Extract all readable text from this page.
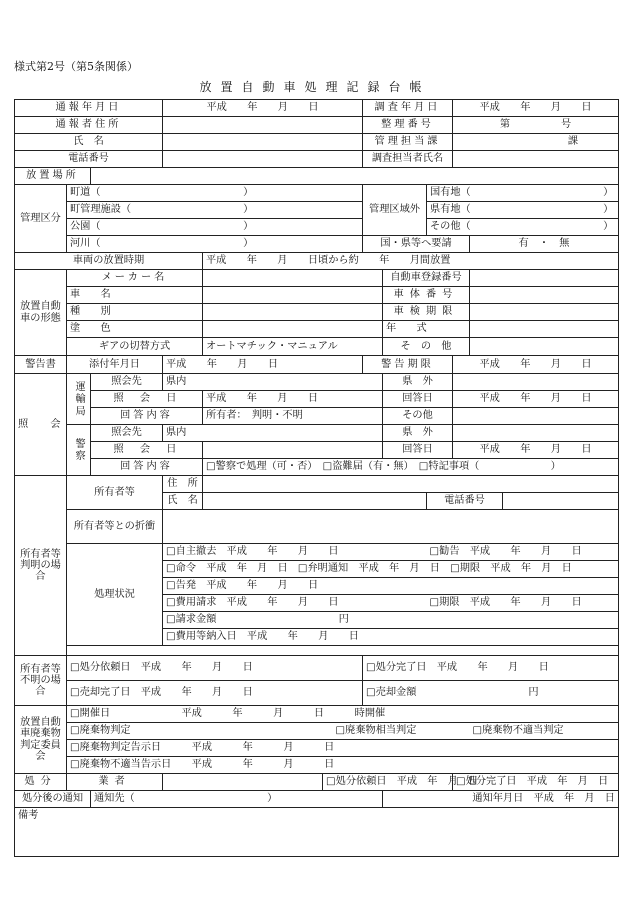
様式第2号（第5条関係）
放置自動車処理記録台帳
通報年月日			平成　　年　　月　　日				調査年月日			平成　　年　　月　　日		
通報者住所							整理番号			第　　　　　号		
氏　名							管理担当課			課		
電話番号							調査担当者氏名					
放置場所												
管理区分	町道（　　　　　　　　　　　　　　）						管理区域外		国有地（　　　　　　　　　　　　　）			
	町管理施設（　　　　　　　　　　　）								県有地（　　　　　　　　　　　　　）			
	公園（　　　　　　　　　　　　　　）								その他（　　　　　　　　　　　　　）			
	河川（　　　　　　　　　　　　　　）						国・県等へ要請				有　・　無	
車両の放置時期				平成　　年　　月　　日頃から約　　年　　月間放置								
放置自動車の形態	メーカー名							自動車登録番号				
	車　　名							車体番号				
	種　　別							車検期限				
	塗　　色							年　　式				
	ギアの切替方式			オートマチック・マニュアル				そ　の　他				
警告書	添付年月日		平成　　年　　月　　日				警告期限			平成　　年　　月　　日		
照　会	運輸局	照会先	県内					県　外				
		照　会　日		平成　　年　　月　　日				回答日		平成　　年　　月　　日		
		回答内容		所有者：　判明・不明				その他				
	警察	照会先	県内					県　外				
		照　会　日						回答日		平成　　年　　月　　日		
		回答内容		□警察で処理（可・否）　□盗難届（有・無）　□特記事項（　　　　　　　）								
所有者等判明の場合	所有者等		住　所									
			氏　名						電話番号			
	所有者等との折衝											
	処理状況		□自主撤去　平成　　年　　月　　日						□勧告　平成　　年　　月　　日			
			□命令　平成　年　月　日　□弁明通知　平成　年　月　日　□期限　平成　年　月　日									
			□告発　平成　　年　　月　　日									
			□費用請求　平成　　年　　月　　日						□期限　平成　　年　　月　　日			
			□請求金額　　　　　　　　　　　　円									
			□費用等納入日　平成　　年　　月　　日									

所有者等不明の場合	□処分依頼日　平成　　年　　月　　日						□処分完了日　平成　　年　　月　　日					
	□売却完了日　平成　　年　　月　　日						□売却金額　　　　　　　　　　　円					
放置自動車廃棄物判定委員会	□開催日　　　　　　　平成　　　年　　　月　　　日　　　時開催											
	□廃棄物判定					□廃棄物相当判定					□廃棄物不適当判定	
	□廃棄物判定告示日　　　平成　　　年　　　月　　　日											
	□廃棄物不適当告示日　　平成　　　年　　　月　　　日											
処分	業者				□処分依頼日　平成　年　月　日					□処分完了日　平成　年　月　日		
処分後の通知		通知先（　　　　　　　　　　　　　）						通知年月日　平成　年　月　日				
備考												
